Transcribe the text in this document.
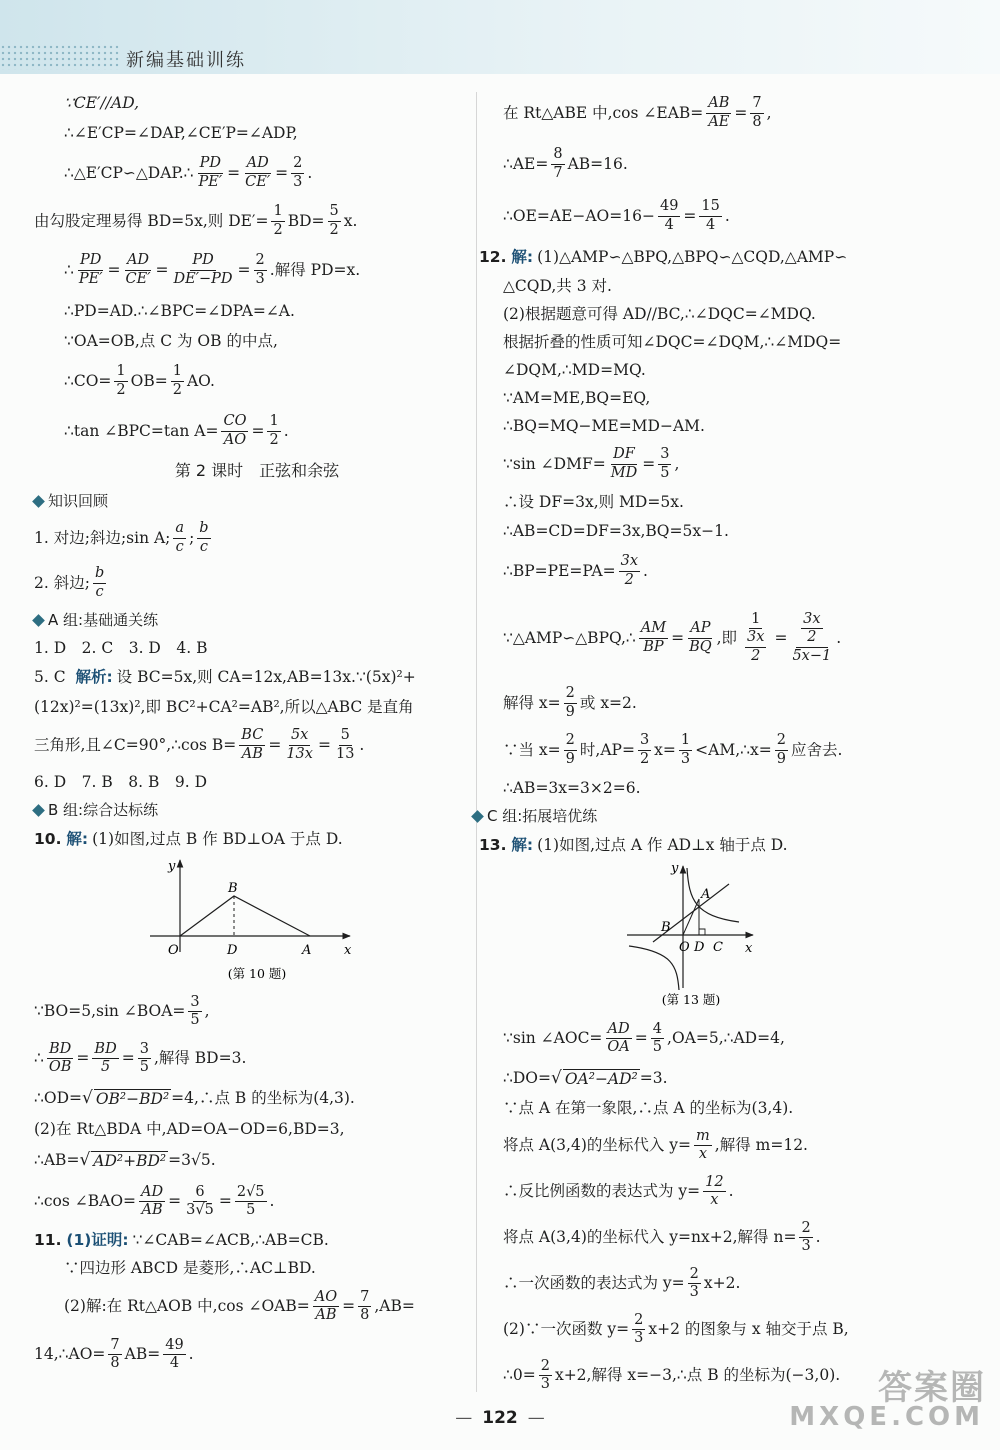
新编基础训练
∵CE′//AD,
∴∠E′CP=∠DAP,∠CE′P=∠ADP,
∴△E′CP∽△DAP.∴ $\frac{PD}{PE'} = \frac{AD}{CE'} = \frac{2}{3}$ .
由勾股定理易得 BD=5x,则 $DE'= \frac{1}{2} BD= \frac{5}{2} x$.
∴ $\frac{PD}{PE'} = \frac{AD}{CE'} = \frac{PD}{DE'-PD} = \frac{2}{3}$ .解得 PD=x.
∴PD=AD.∴∠BPC=∠DPA=∠A.
∵OA=OB,点 C 为 OB 的中点,
∴CO= $\frac{1}{2} OB= \frac{1}{2}$ AO.
∴tan ∠BPC=tan $A= \frac{CO}{AO} = \frac{1}{2}$ .
第 2 课时　正弦和余弦
知识回顾
1. 对边;斜边;sin A; $\frac{a}{c}$ ; $\frac{b}{c}$
2. 斜边; $\frac{b}{c}$
A 组:基础通关练
1. D　2. C　3. D　4. B
5. C
解析: 设 BC=5x,则 CA=12x,AB=13x.∵(5x)²+
(12x)²=(13x)²,即 BC²+CA²=AB²,所以△ABC 是直角
三角形,且∠C=90°,∴cos $B= \frac{BC}{AB} = \frac{5x}{13x} = \frac{5}{13}$ .
6. D　7. B　8. B　9. D
B 组:综合达标练
10.
解: (1)如图,过点 B 作 BD⊥OA 于点 D.
y
x
O	D	A
B
(第 10 题)
∵BO=5,sin ∠BOA= $\frac{3}{5}$ ,
∴ $\frac{BD}{OB} = \frac{BD}{5} = \frac{3}{5}$ ,解得 BD=3.
∴OD= √ OB²−BD² =4,∴点 B 的坐标为(4,3).
(2)在 Rt△BDA 中,AD=OA−OD=6,BD=3,
∴AB= √ AD²+BD² =3√5.
∴cos ∠BAO= $\frac{AD}{AB} = \frac{6}{3√5} = \frac{2√5}{5}$ .
11.
(1)证明: ∵∠CAB=∠ACB,∴AB=CB.
∵四边形 ABCD 是菱形,∴AC⊥BD.
(2)解:在 Rt△AOB 中,cos ∠OAB= $\frac{AO}{AB} = \frac{7}{8} ,AB=$
14,∴AO= $\frac{7}{8} AB= \frac{49}{4}$ .
在 Rt△ABE 中,cos ∠EAB= $\frac{AB}{AE} = \frac{7}{8}$ ,
∴AE= $\frac{8}{7} AB=16$.
∴OE=AE−AO=16− $\frac{49}{4} = \frac{15}{4}$ .
12.
解: (1)△AMP∽△BPQ,△BPQ∽△CQD,△AMP∽
△CQD,共 3 对.
(2)根据题意可得 AD//BC,∴∠DQC=∠MDQ.
根据折叠的性质可知∠DQC=∠DQM,∴∠MDQ=
∠DQM,∴MD=MQ.
∵AM=ME,BQ=EQ,
∴BQ=MQ−ME=MD−AM.
∵sin ∠DMF= $\frac{DF}{MD} = \frac{3}{5}$ ,
∴设 DF=3x,则 MD=5x.
∴AB=CD=DF=3x,BQ=5x−1.
∴BP=PE=PA= $\frac{3x}{2}$ .
∵△AMP∽△BPQ,∴ $\frac{AM}{BP} = \frac{AP}{BQ}$ ,即 $\frac{1}{\frac{3x}{2}} = \frac{\frac{3x}{2}}{5x-1}$ .
解得 $x= \frac{2}{9}$ 或 x=2.
∵当 $x= \frac{2}{9}$ 时$,AP= \frac{3}{2} x= \frac{1}{3}$ <AM,∴x= $\frac{2}{9}$ 应舍去.
∴AB=3x=3×2=6.
C 组:拓展培优练
13.
解: (1)如图,过点 A 作 AD⊥x 轴于点 D.
y
x
A
B
O D C
(第 13 题)
∵sin ∠AOC= $\frac{AD}{OA} = \frac{4}{5}$ ,OA=5,∴AD=4,
∴DO= √ OA²−AD² =3.
∵点 A 在第一象限,∴点 A 的坐标为(3,4).
将点 A(3,4)的坐标代入 $y= \frac{m}{x}$ ,解得 m=12.
∴反比例函数的表达式为 $y= \frac{12}{x}$ .
将点 A(3,4)的坐标代入 y=nx+2,解得 $n= \frac{2}{3}$ .
∴一次函数的表达式为 $y= \frac{2}{3} x+2$.
(2)∵一次函数 $y= \frac{2}{3} x+2$ 的图象与 x 轴交于点 B,
∴0= $\frac{2}{3} x+2$,解得 x=−3,∴点 B 的坐标为(−3,0).
— 122 —
答案圈
MXQE.COM
